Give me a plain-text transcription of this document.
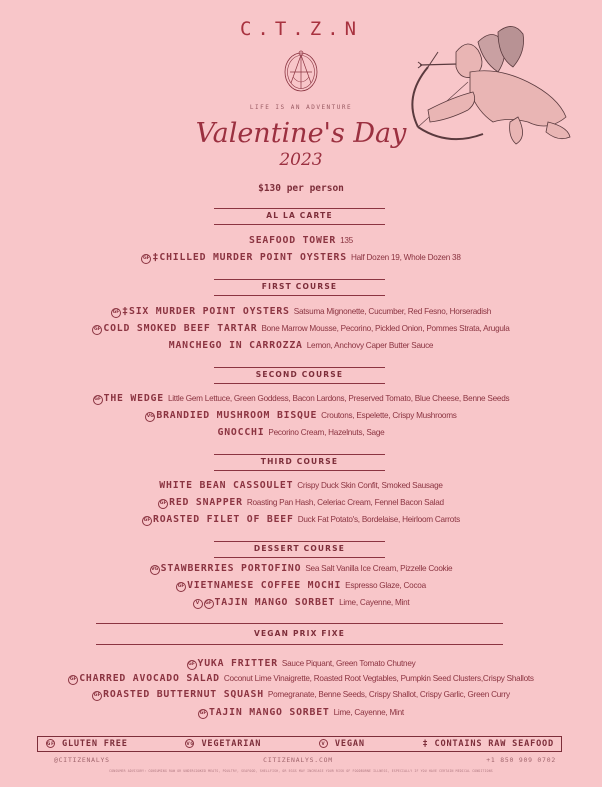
C.T.Z.N
LIFE IS AN ADVENTURE
Valentine's Day
2023
$130 per person
AL LA CARTE
SEAFOOD TOWER 135
GF ‡CHILLED MURDER POINT OYSTERS Half Dozen 19, Whole Dozen 38
FIRST COURSE
GF ‡SIX MURDER POINT OYSTERS Satsuma Mignonette, Cucumber, Red Fesno, Horseradish
GF COLD SMOKED BEEF TARTAR Bone Marrow Mousse, Pecorino, Pickled Onion, Pommes Strata, Arugula
MANCHEGO IN CARROZZA Lemon, Anchovy Caper Butter Sauce
SECOND COURSE
GF THE WEDGE Little Gem Lettuce, Green Goddess, Bacon Lardons, Preserved Tomato, Blue Cheese, Benne Seeds
VG BRANDIED MUSHROOM BISQUE Croutons, Espelette, Crispy Mushrooms
GNOCCHI Pecorino Cream, Hazelnuts, Sage
THIRD COURSE
WHITE BEAN CASSOULET Crispy Duck Skin Confit, Smoked Sausage
GF RED SNAPPER Roasting Pan Hash, Celeriac Cream, Fennel Bacon Salad
GF ROASTED FILET OF BEEF Duck Fat Potato's, Bordelaise, Heirloom Carrots
DESSERT COURSE
VG STAWBERRIES PORTOFINO Sea Salt Vanilla Ice Cream, Pizzelle Cookie
GF VIETNAMESE COFFEE MOCHI Espresso Glaze, Cocoa
V GF TAJIN MANGO SORBET Lime, Cayenne, Mint
VEGAN PRIX FIXE
GF YUKA FRITTER Sauce Piquant, Green Tomato Chutney
GF CHARRED AVOCADO SALAD Coconut Lime Vinaigrette, Roasted Root Vegtables, Pumpkin Seed Clusters,Crispy Shallots
GF ROASTED BUTTERNUT SQUASH Pomegranate, Benne Seeds, Crispy Shallot, Crispy Garlic, Green Curry
GF TAJIN MANGO SORBET Lime, Cayenne, Mint
GF GLUTEN FREE	VG VEGETARIAN	V VEGAN	‡ CONTAINS RAW SEAFOOD
@CITIZENALYS	CITIZENALYS.COM	+1 850 909 0702
CONSUMER ADVISORY: CONSUMING RAW OR UNDERCOOKED MEATS, POULTRY, SEAFOOD, SHELLFISH, OR EGGS MAY INCREASE YOUR RISK OF FOODBORNE ILLNESS, ESPECIALLY IF YOU HAVE CERTAIN MEDICAL CONDITIONS
